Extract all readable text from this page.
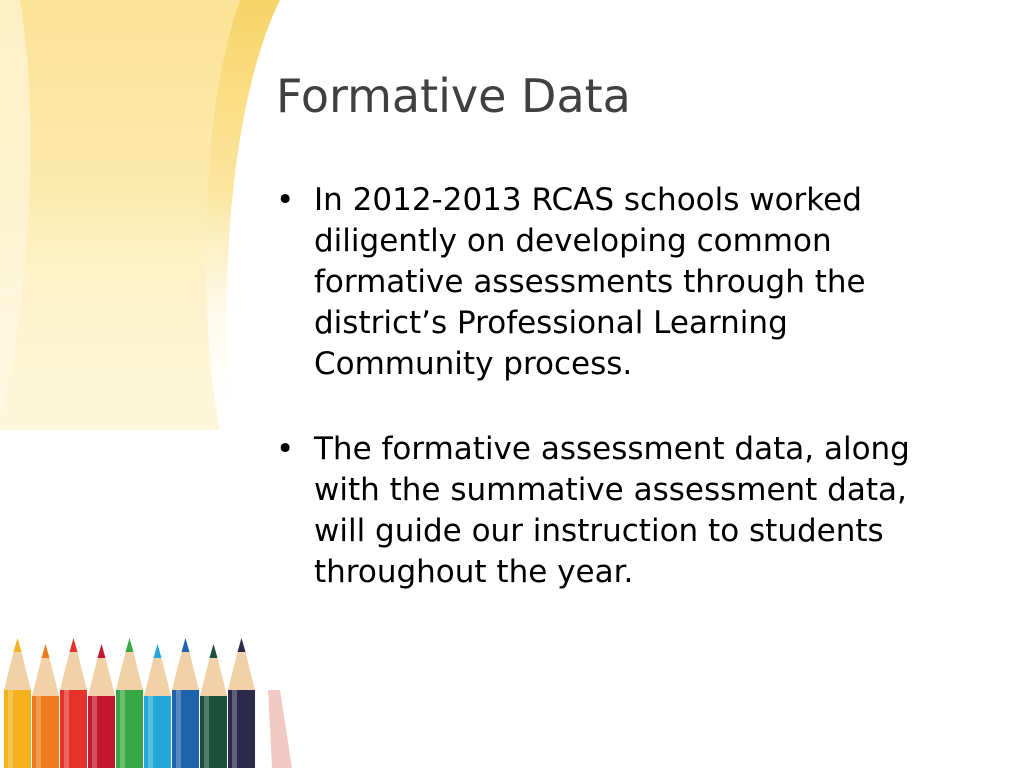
Formative Data
• In 2012-2013 RCAS schools worked diligently on developing common formative assessments through the district’s Professional Learning Community process.
• The formative assessment data, along with the summative assessment data, will guide our instruction to students throughout the year.
